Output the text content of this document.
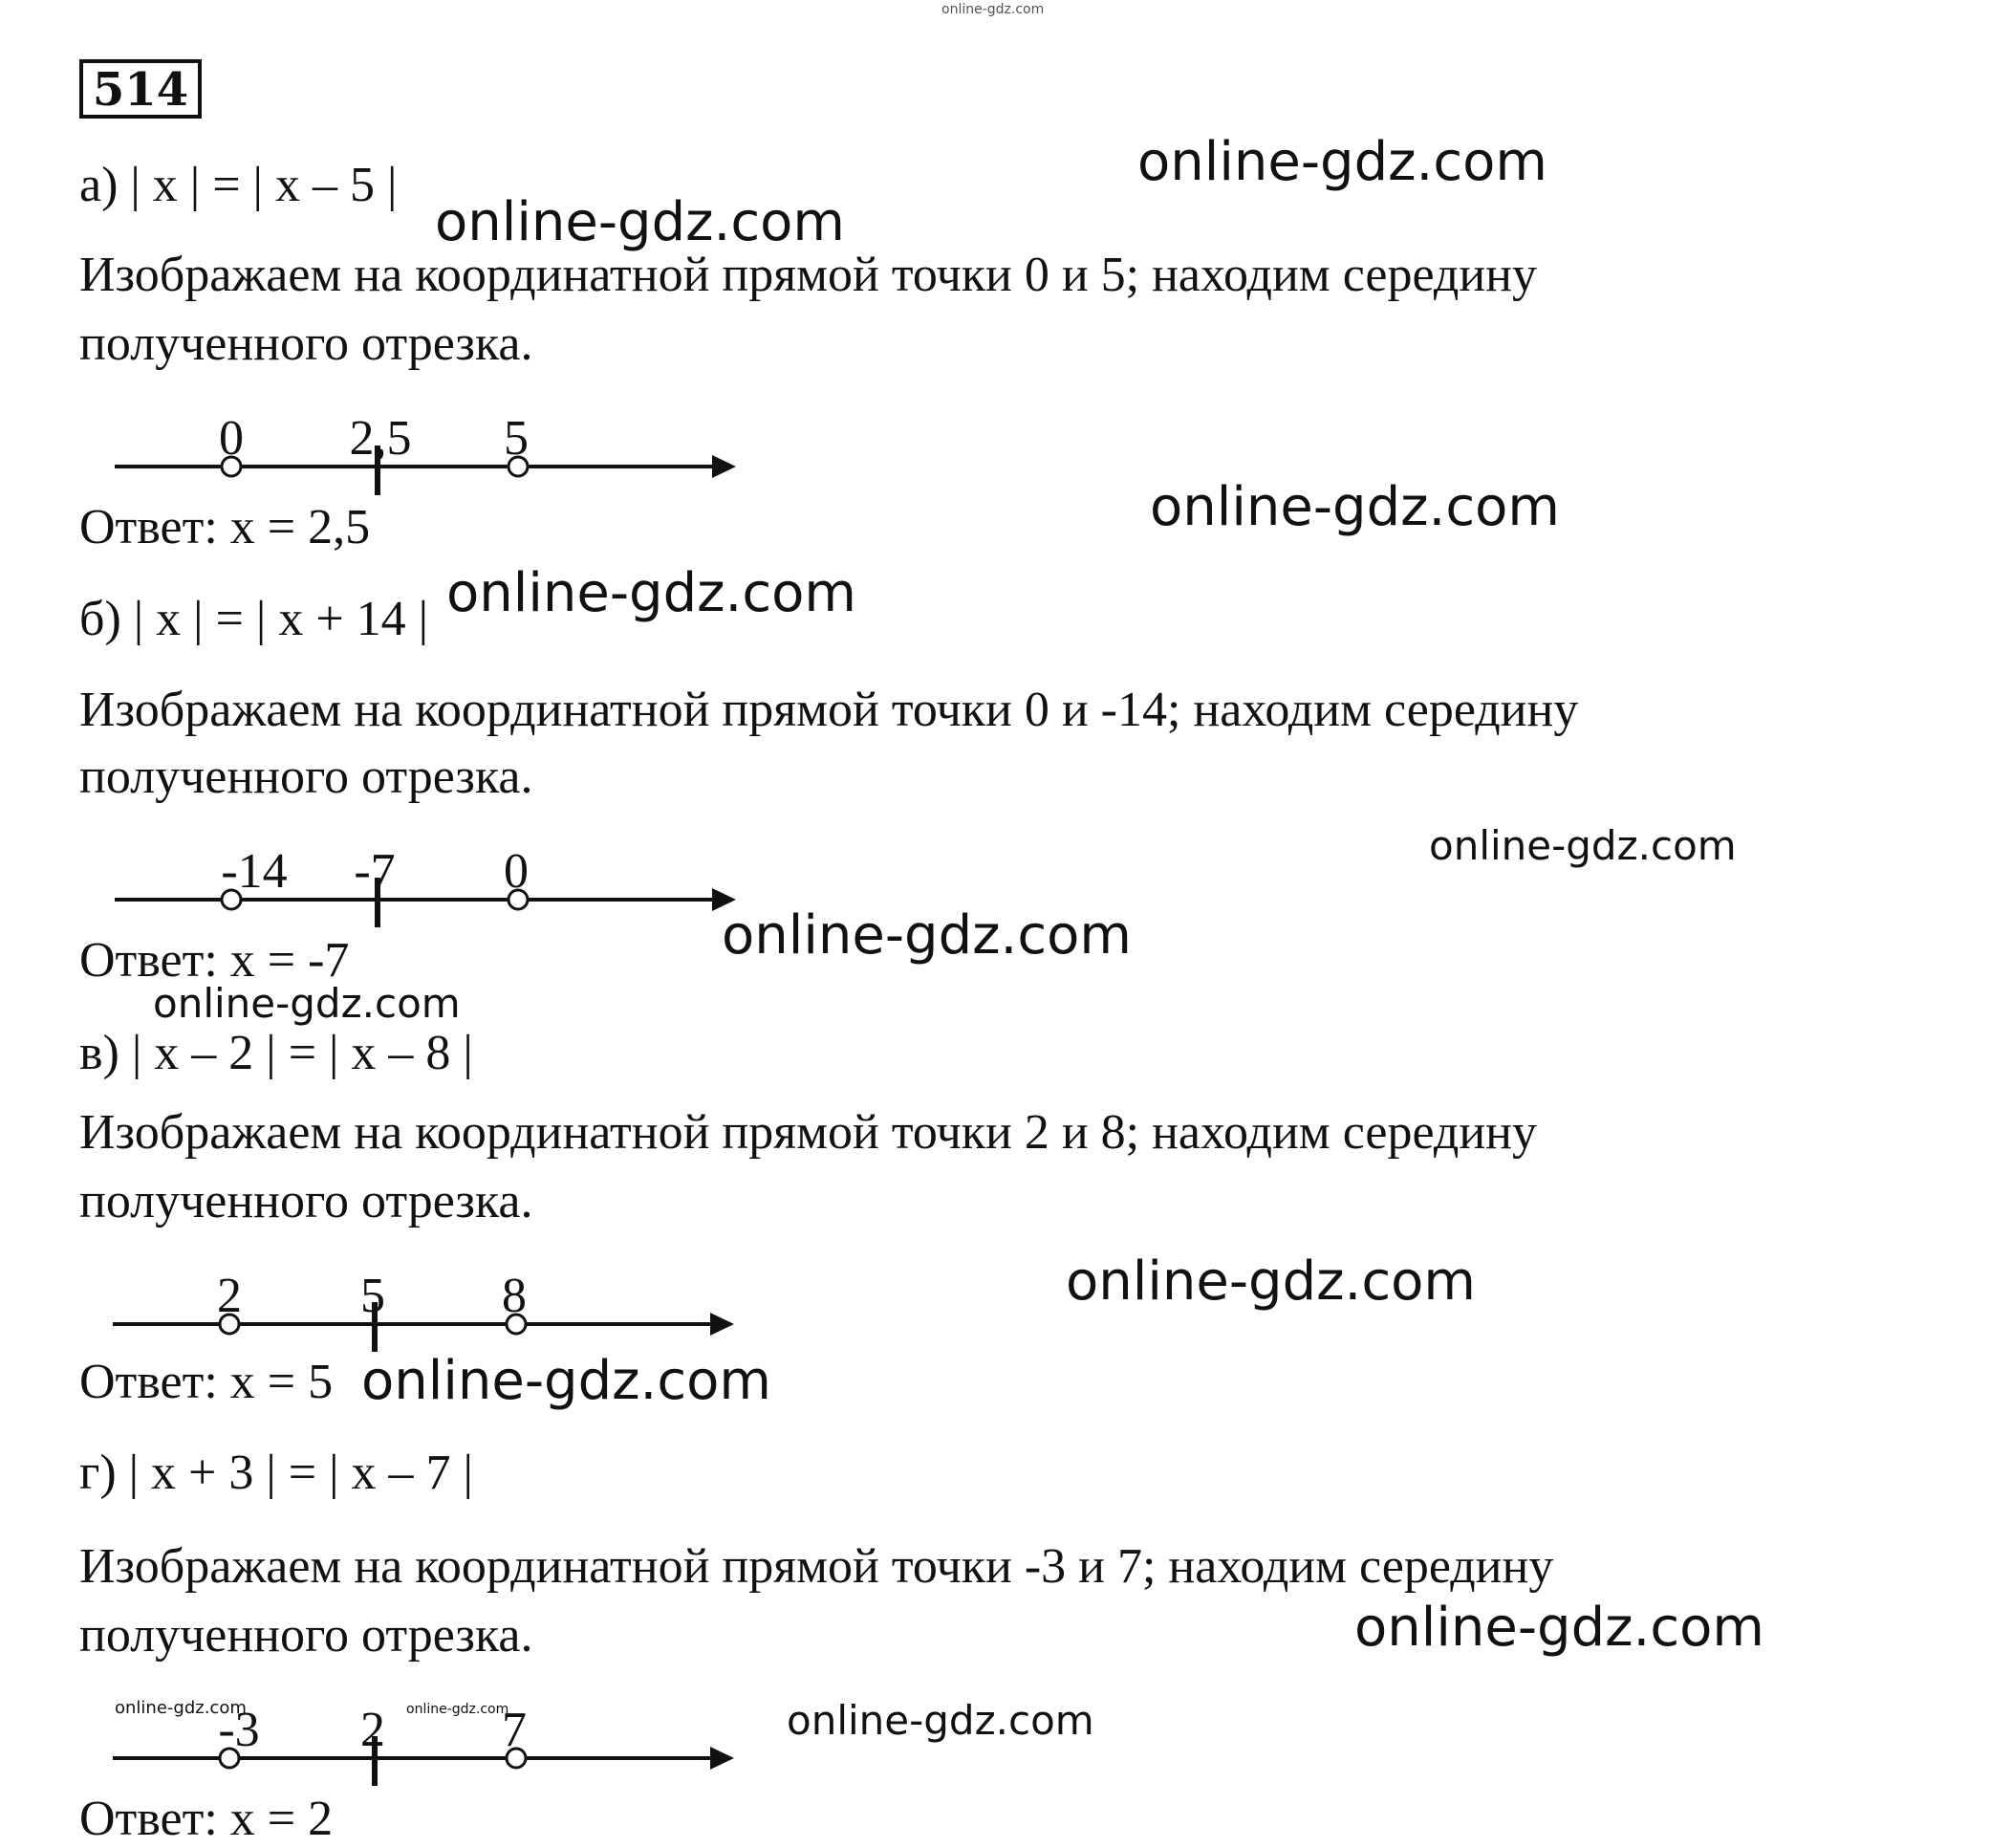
514
а) | x | = | x – 5 |
Изображаем на координатной прямой точки 0 и 5; находим середину
полученного отрезка.
0 2,5 5
Ответ: x = 2,5
б) | x | = | x + 14 |
Изображаем на координатной прямой точки 0 и -14; находим середину
полученного отрезка.
-14 -7 0
Ответ: x = -7
в) | x – 2 | = | x – 8 |
Изображаем на координатной прямой точки 2 и 8; находим середину
полученного отрезка.
2 5 8
Ответ: x = 5
г) | x + 3 | = | x – 7 |
Изображаем на координатной прямой точки -3 и 7; находим середину
полученного отрезка.
-3 2 7
Ответ: x = 2
online-gdz.com
online-gdz.com
online-gdz.com
online-gdz.com
online-gdz.com
online-gdz.com
online-gdz.com
online-gdz.com
online-gdz.com
online-gdz.com
online-gdz.com
online-gdz.com
online-gdz.com	online-gdz.com
